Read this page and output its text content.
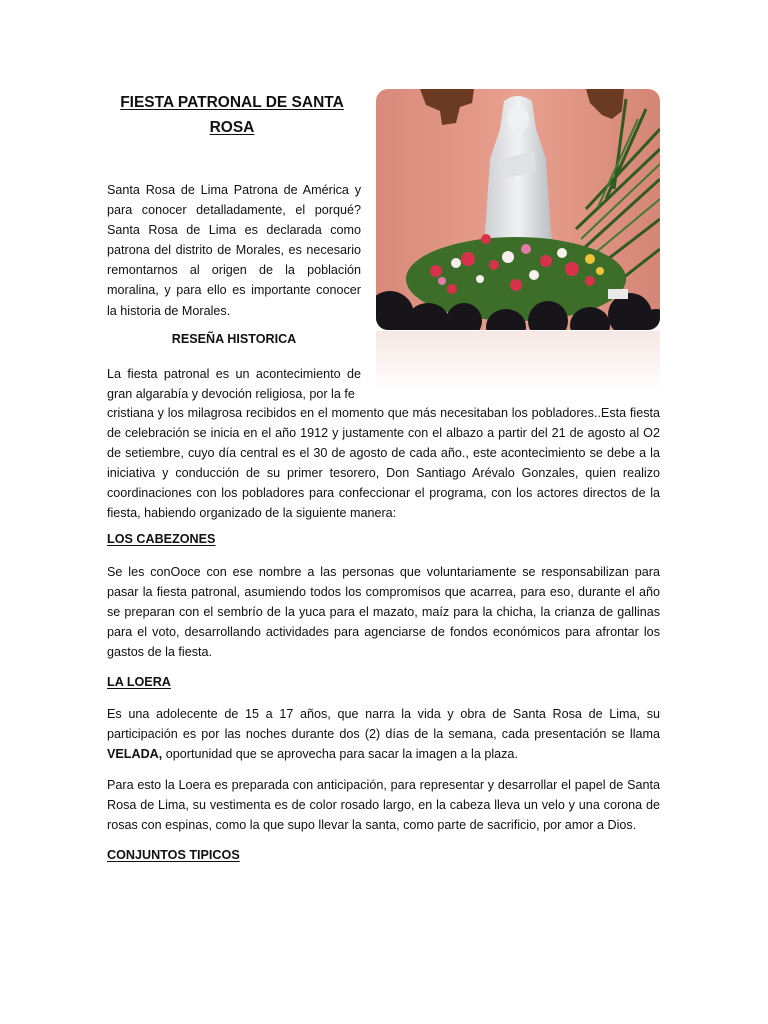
FIESTA PATRONAL DE SANTA ROSA
Santa Rosa de Lima Patrona de América y para conocer detalladamente, el porqué? Santa Rosa de Lima es declarada como patrona del distrito de Morales, es necesario remontarnos al origen de la población moralina, y para ello es importante conocer la historia de Morales.
RESEÑA HISTORICA
La fiesta patronal es un acontecimiento de gran algarabía y devoción religiosa, por la fe
cristiana y los milagrosa recibidos en el momento que más necesitaban los pobladores..Esta fiesta de celebración se inicia en el año 1912 y justamente con el albazo a partir del 21 de agosto al O2 de setiembre, cuyo día central es el 30 de agosto de cada año., este acontecimiento se debe a la iniciativa y conducción de su primer tesorero, Don Santiago Arévalo Gonzales, quien realizo coordinaciones con los pobladores para confeccionar el programa, con los actores directos de la fiesta, habiendo organizado de la siguiente manera:
LOS CABEZONES
Se les conOoce con ese nombre a las personas que voluntariamente se responsabilizan para pasar la fiesta patronal, asumiendo todos los compromisos que acarrea, para eso, durante el año se preparan con el sembrío de la yuca para el mazato, maíz para la chicha, la crianza de gallinas para el voto, desarrollando actividades para agenciarse de fondos económicos para afrontar los gastos de la fiesta.
LA LOERA
Es una adolecente de 15 a 17 años, que narra la vida y obra de Santa Rosa de Lima, su participación es por las noches durante dos (2) días de la semana, cada presentación se llama VELADA, oportunidad que se aprovecha para sacar la imagen a la plaza.
Para esto la Loera es preparada con anticipación, para representar y desarrollar el papel de Santa Rosa de Lima, su vestimenta es de color rosado largo, en la cabeza lleva un velo y una corona de rosas con espinas, como la que supo llevar la santa, como parte de sacrificio, por amor a Dios.
CONJUNTOS TIPICOS
